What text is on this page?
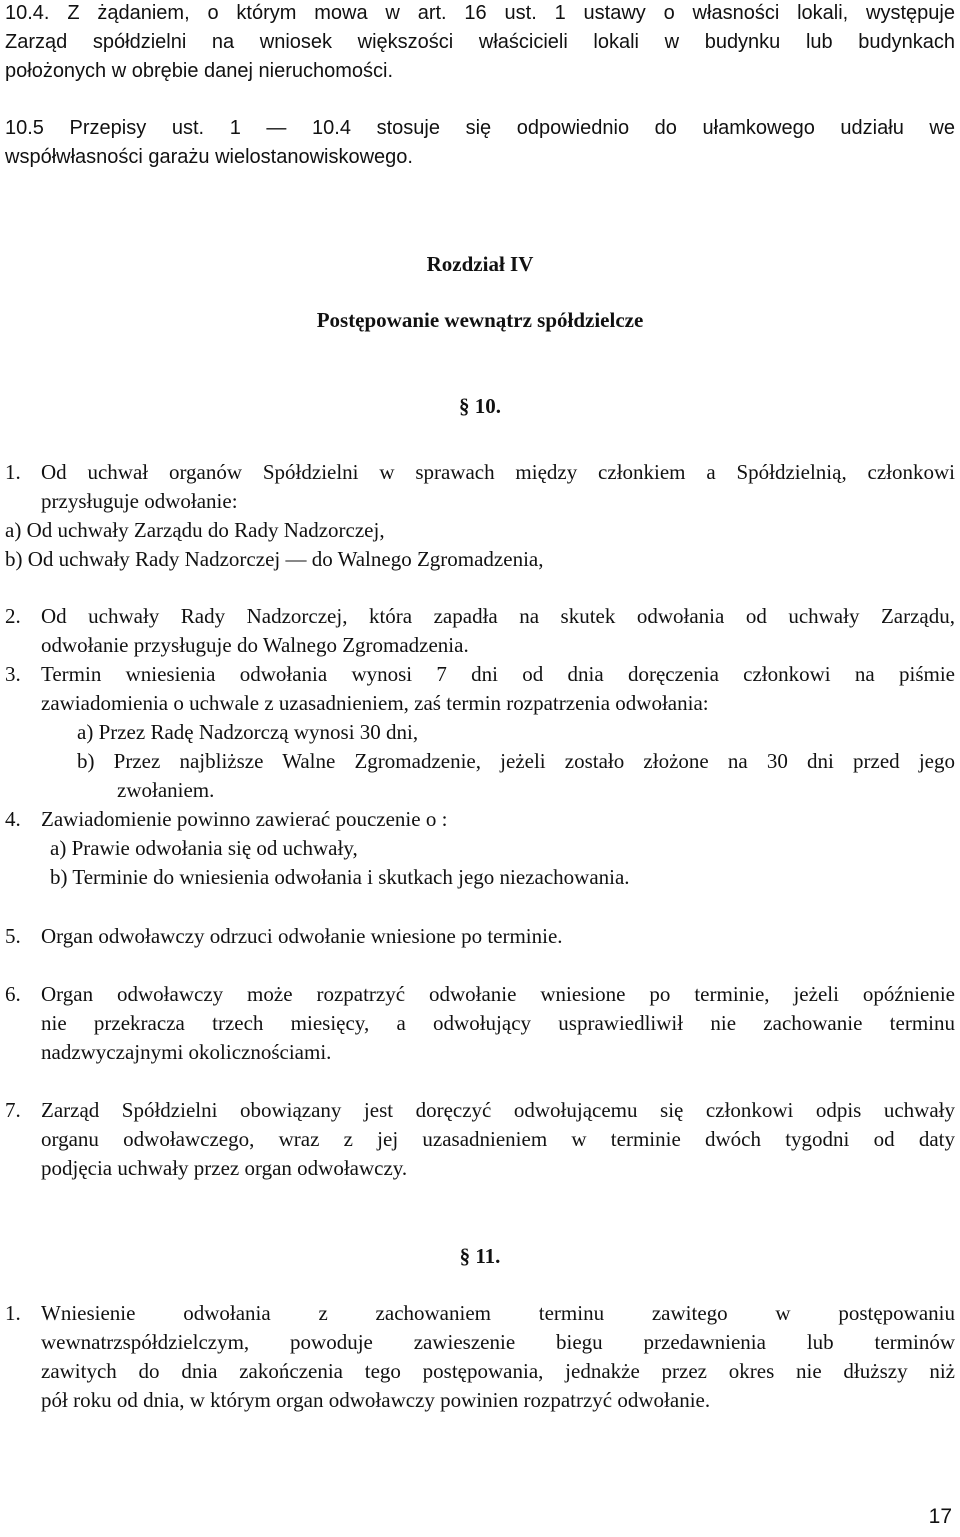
10.4. Z żądaniem, o którym mowa w art. 16 ust. 1 ustawy o własności lokali, występuje
Zarząd spółdzielni na wniosek większości właścicieli lokali w budynku lub budynkach
położonych w obrębie danej nieruchomości.
10.5 Przepisy ust. 1 — 10.4 stosuje się odpowiednio do ułamkowego udziału we
współwłasności garażu wielostanowiskowego.
Rozdział IV
Postępowanie wewnątrz spółdzielcze
§ 10.
1. Od uchwał organów Spółdzielni w sprawach między członkiem a Spółdzielnią, członkowi
przysługuje odwołanie:
a) Od uchwały Zarządu do Rady Nadzorczej,
b) Od uchwały Rady Nadzorczej — do Walnego Zgromadzenia,
2. Od uchwały Rady Nadzorczej, która zapadła na skutek odwołania od uchwały Zarządu,
odwołanie przysługuje do Walnego Zgromadzenia.
3. Termin wniesienia odwołania wynosi 7 dni od dnia doręczenia członkowi na piśmie
zawiadomienia o uchwale z uzasadnieniem, zaś termin rozpatrzenia odwołania:
a) Przez Radę Nadzorczą wynosi 30 dni,
b) Przez najbliższe Walne Zgromadzenie, jeżeli zostało złożone na 30 dni przed jego
zwołaniem.
4. Zawiadomienie powinno zawierać pouczenie o :
a) Prawie odwołania się od uchwały,
b) Terminie do wniesienia odwołania i skutkach jego niezachowania.
5. Organ odwoławczy odrzuci odwołanie wniesione po terminie.
6. Organ odwoławczy może rozpatrzyć odwołanie wniesione po terminie, jeżeli opóźnienie
nie przekracza trzech miesięcy, a odwołujący usprawiedliwił nie zachowanie terminu
nadzwyczajnymi okolicznościami.
7. Zarząd Spółdzielni obowiązany jest doręczyć odwołującemu się członkowi odpis uchwały
organu odwoławczego, wraz z jej uzasadnieniem w terminie dwóch tygodni od daty
podjęcia uchwały przez organ odwoławczy.
§ 11.
1. Wniesienie odwołania z zachowaniem terminu zawitego w postępowaniu
wewnatrzspółdzielczym, powoduje zawieszenie biegu przedawnienia lub terminów
zawitych do dnia zakończenia tego postępowania, jednakże przez okres nie dłuższy niż
pół roku od dnia, w którym organ odwoławczy powinien rozpatrzyć odwołanie.
17
